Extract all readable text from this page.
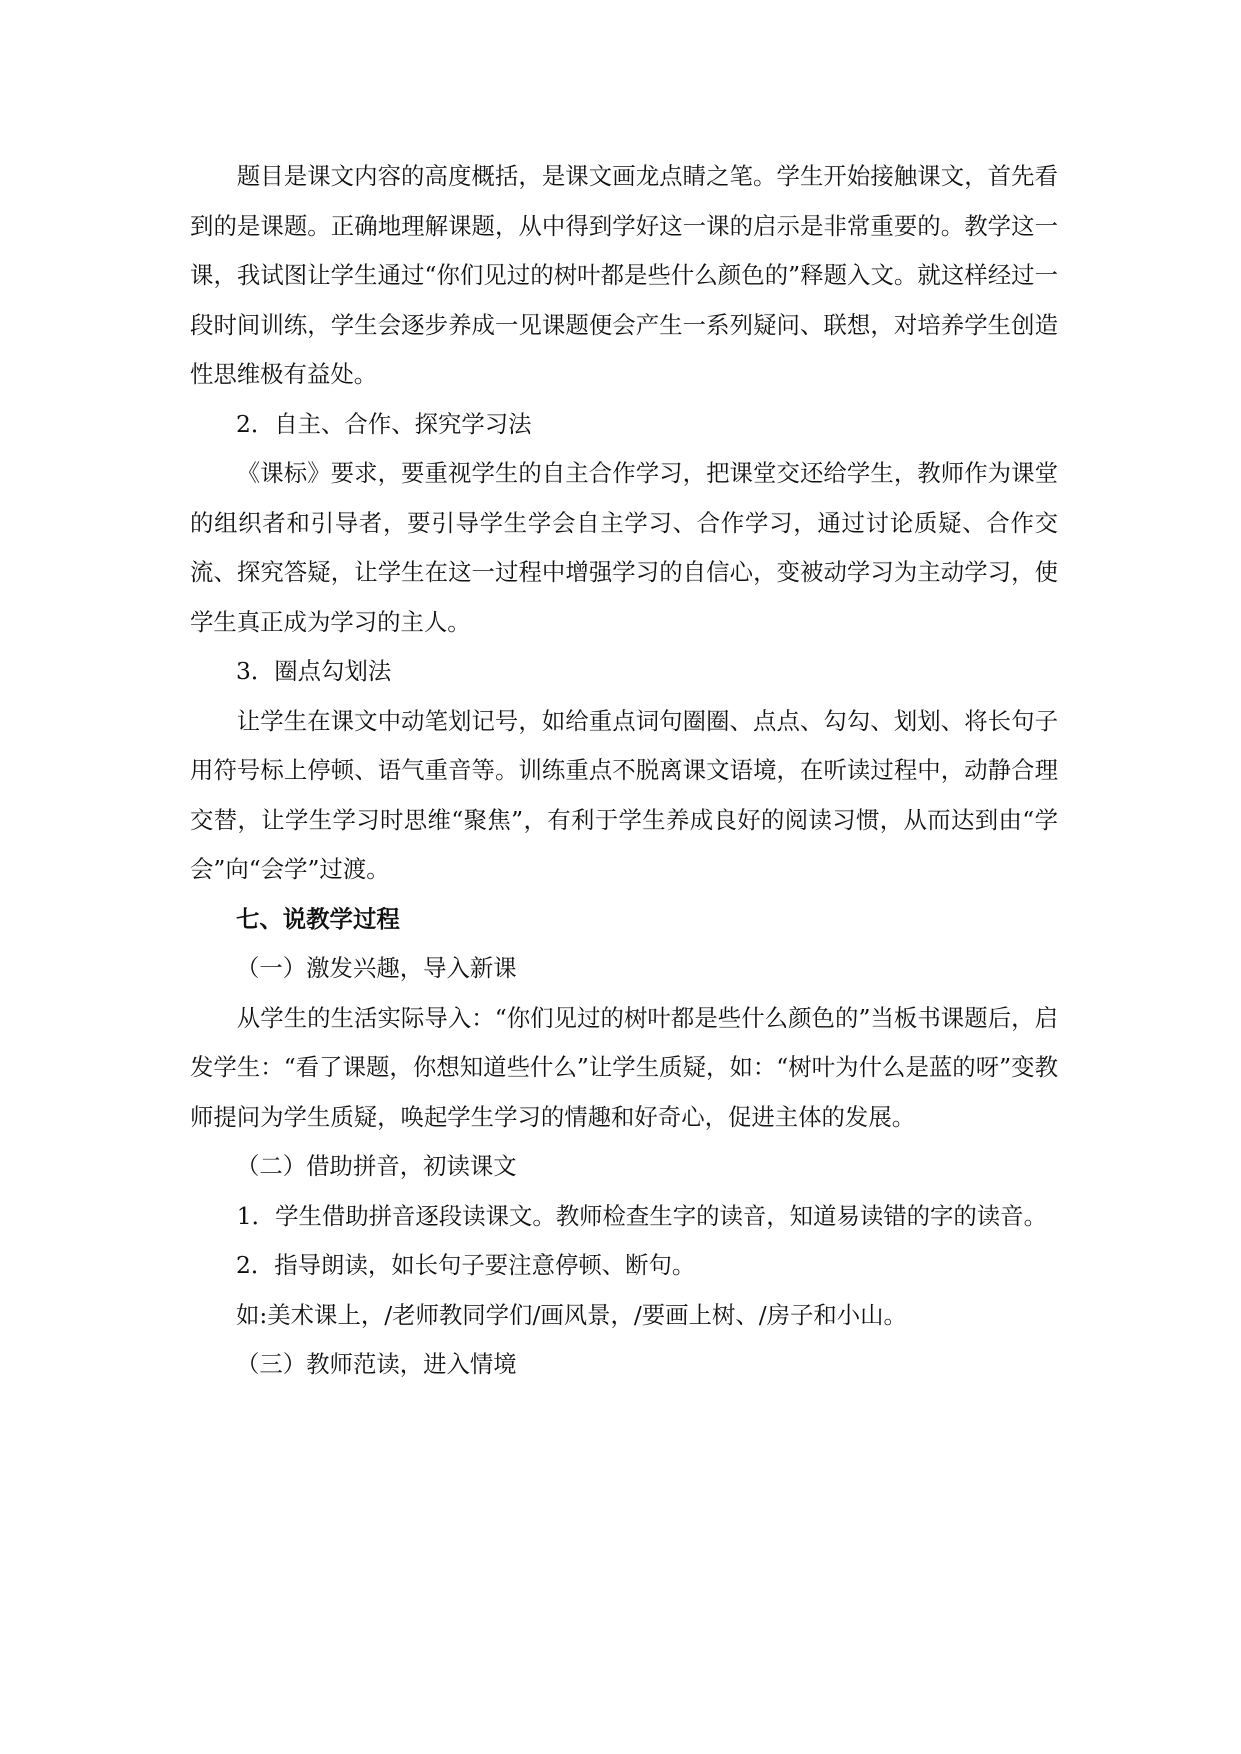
题目是课文内容的高度概括，是课文画龙点睛之笔。学生开始接触课文，首先看到的是课题。正确地理解课题，从中得到学好这一课的启示是非常重要的。教学这一课，我试图让学生通过“你们见过的树叶都是些什么颜色的”释题入文。就这样经过一段时间训练，学生会逐步养成一见课题便会产生一系列疑问、联想，对培养学生创造性思维极有益处。

2．自主、合作、探究学习法

《课标》要求，要重视学生的自主合作学习，把课堂交还给学生，教师作为课堂的组织者和引导者，要引导学生学会自主学习、合作学习，通过讨论质疑、合作交流、探究答疑，让学生在这一过程中增强学习的自信心，变被动学习为主动学习，使学生真正成为学习的主人。

3．圈点勾划法

让学生在课文中动笔划记号，如给重点词句圈圈、点点、勾勾、划划、将长句子用符号标上停顿、语气重音等。训练重点不脱离课文语境，在听读过程中，动静合理交替，让学生学习时思维“聚焦”，有利于学生养成良好的阅读习惯，从而达到由“学会”向“会学”过渡。

七、说教学过程

（一）激发兴趣，导入新课

从学生的生活实际导入：“你们见过的树叶都是些什么颜色的”当板书课题后，启发学生：“看了课题，你想知道些什么”让学生质疑，如：“树叶为什么是蓝的呀”变教师提问为学生质疑，唤起学生学习的情趣和好奇心，促进主体的发展。

（二）借助拼音，初读课文

1．学生借助拼音逐段读课文。教师检查生字的读音，知道易读错的字的读音。

2．指导朗读，如长句子要注意停顿、断句。

如:美术课上，/老师教同学们/画风景，/要画上树、/房子和小山。

（三）教师范读，进入情境
